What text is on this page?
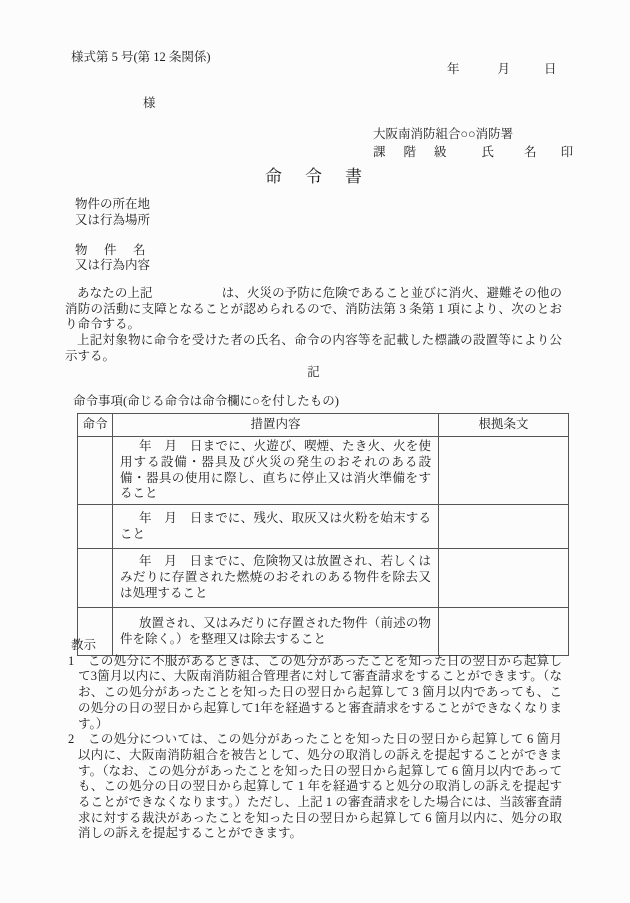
様式第 5 号(第 12 条関係)
年	月	日
様
大阪南消防組合○○消防署
課 階 級	氏 名 印
命　令　書
物件の所在地
又は行為場所
物　件　名
又は行為内容

あなたの上記	は、火災の予防に危険であること並びに消火、避難その他の消防の活動に支障となることが認められるので、消防法第 3 条第 1 項により、次のとおり命令する。

上記対象物に命令を受けた者の氏名、命令の内容等を記載した標識の設置等により公示する。

記

命令事項(命じる命令は命令欄に○を付したもの)

命令	措置内容	根拠条文
	年　月　日までに、火遊び、喫煙、たき火、火を使用する設備・器具及び火災の発生のおそれのある設備・器具の使用に際し、直ちに停止又は消火準備をすること	
	年　月　日までに、残火、取灰又は火粉を始末すること	
	年　月　日までに、危険物又は放置され、若しくはみだりに存置された燃焼のおそれのある物件を除去又は処理すること	
	放置され、又はみだりに存置された物件（前述の物件を除く。）を整理又は除去すること	

教示

1	この処分に不服があるときは、この処分があったことを知った日の翌日から起算して3箇月以内に、大阪南消防組合管理者に対して審査請求をすることができます。（なお、この処分があったことを知った日の翌日から起算して 3 箇月以内であっても、この処分の日の翌日から起算して1年を経過すると審査請求をすることができなくなります。）

2	この処分については、この処分があったことを知った日の翌日から起算して 6 箇月以内に、大阪南消防組合を被告として、処分の取消しの訴えを提起することができます。（なお、この処分があったことを知った日の翌日から起算して 6 箇月以内であっても、この処分の日の翌日から起算して 1 年を経過すると処分の取消しの訴えを提起することができなくなります。）ただし、上記 1 の審査請求をした場合には、当該審査請求に対する裁決があったことを知った日の翌日から起算して 6 箇月以内に、処分の取消しの訴えを提起することができます。
